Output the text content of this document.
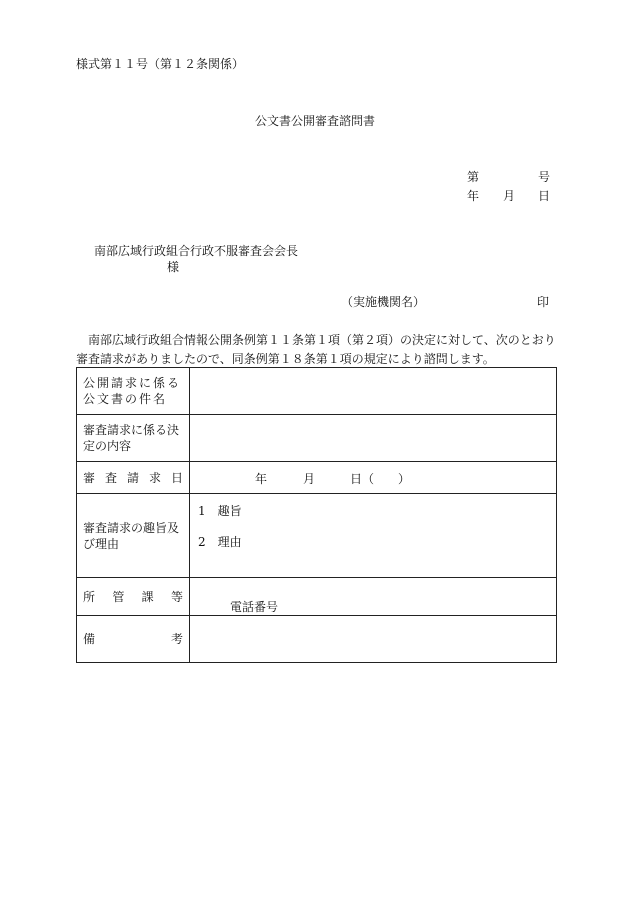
様式第１１号（第１２条関係）
公文書公開審査諮問書
第	号
年 月 日
南部広域行政組合行政不服審査会会長
様
（実施機関名）	印
南部広域行政組合情報公開条例第１１条第１項（第２項）の決定に対して、次のとおり
審査請求がありましたので、同条例第１８条第１項の規定により諮問します。
公開請求に係る公文書の件名	
審査請求に係る決定の内容	

審 査 請 求 日	年 月 日（　　）

審査請求の趣旨及び理由	1　趣旨
2　理由

所 管 課 等	電話番号

備 考	
